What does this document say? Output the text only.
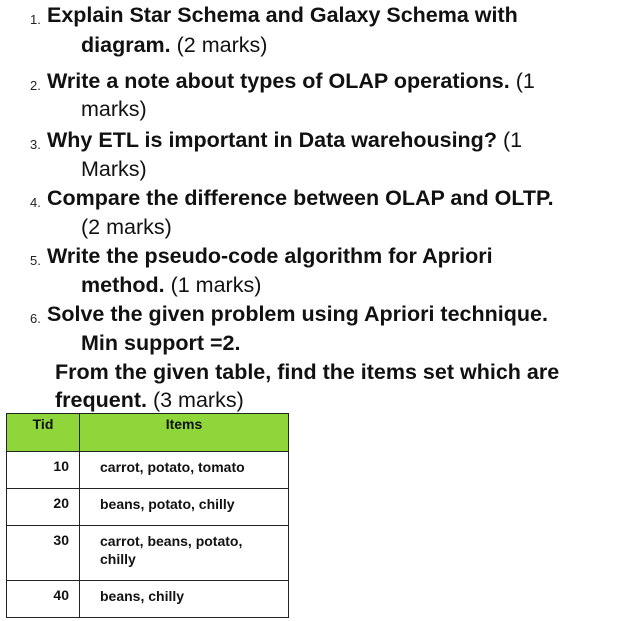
1. Explain Star Schema and Galaxy Schema with
diagram. (2 marks)
2. Write a note about types of OLAP operations. (1
marks)
3. Why ETL is important in Data warehousing? (1
Marks)
4. Compare the difference between OLAP and OLTP.
(2 marks)
5. Write the pseudo-code algorithm for Apriori
method. (1 marks)
6. Solve the given problem using Apriori technique.
Min support =2.
From the given table, find the items set which are
frequent. (3 marks)
Tid	Items
10	carrot, potato, tomato
20	beans, potato, chilly
30	carrot, beans, potato, chilly
40	beans, chilly
